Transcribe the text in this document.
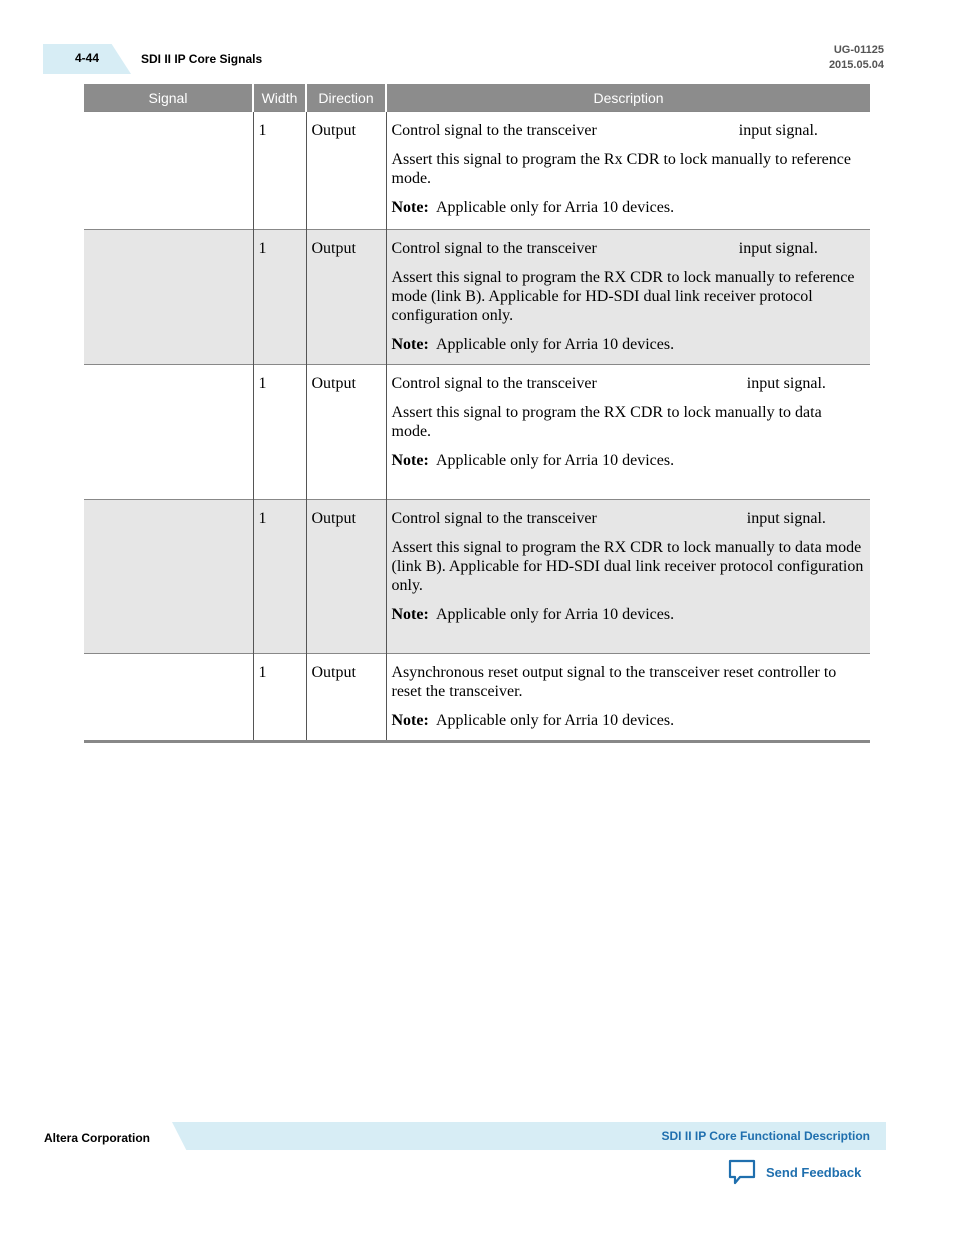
4-44	SDI II IP Core Signals
UG-01125
2015.05.04
Signal	Width	Direction	Description
	1	Output	Control signal to the transceiver input signal.

Assert this signal to program the Rx CDR to lock manually to reference mode.

Note: Applicable only for Arria 10 devices.

	1	Output	Control signal to the transceiver input signal.

Assert this signal to program the RX CDR to lock manually to reference mode (link B). Applicable for HD-SDI dual link receiver protocol configuration only.

Note: Applicable only for Arria 10 devices.

	1	Output	Control signal to the transceiver input signal.

Assert this signal to program the RX CDR to lock manually to data mode.

Note: Applicable only for Arria 10 devices.

	1	Output	Control signal to the transceiver input signal.

Assert this signal to program the RX CDR to lock manually to data mode (link B). Applicable for HD-SDI dual link receiver protocol configuration only.

Note: Applicable only for Arria 10 devices.

	1	Output	Asynchronous reset output signal to the transceiver reset controller to reset the transceiver.

Note: Applicable only for Arria 10 devices.

Altera Corporation	SDI II IP Core Functional Description
Send Feedback
